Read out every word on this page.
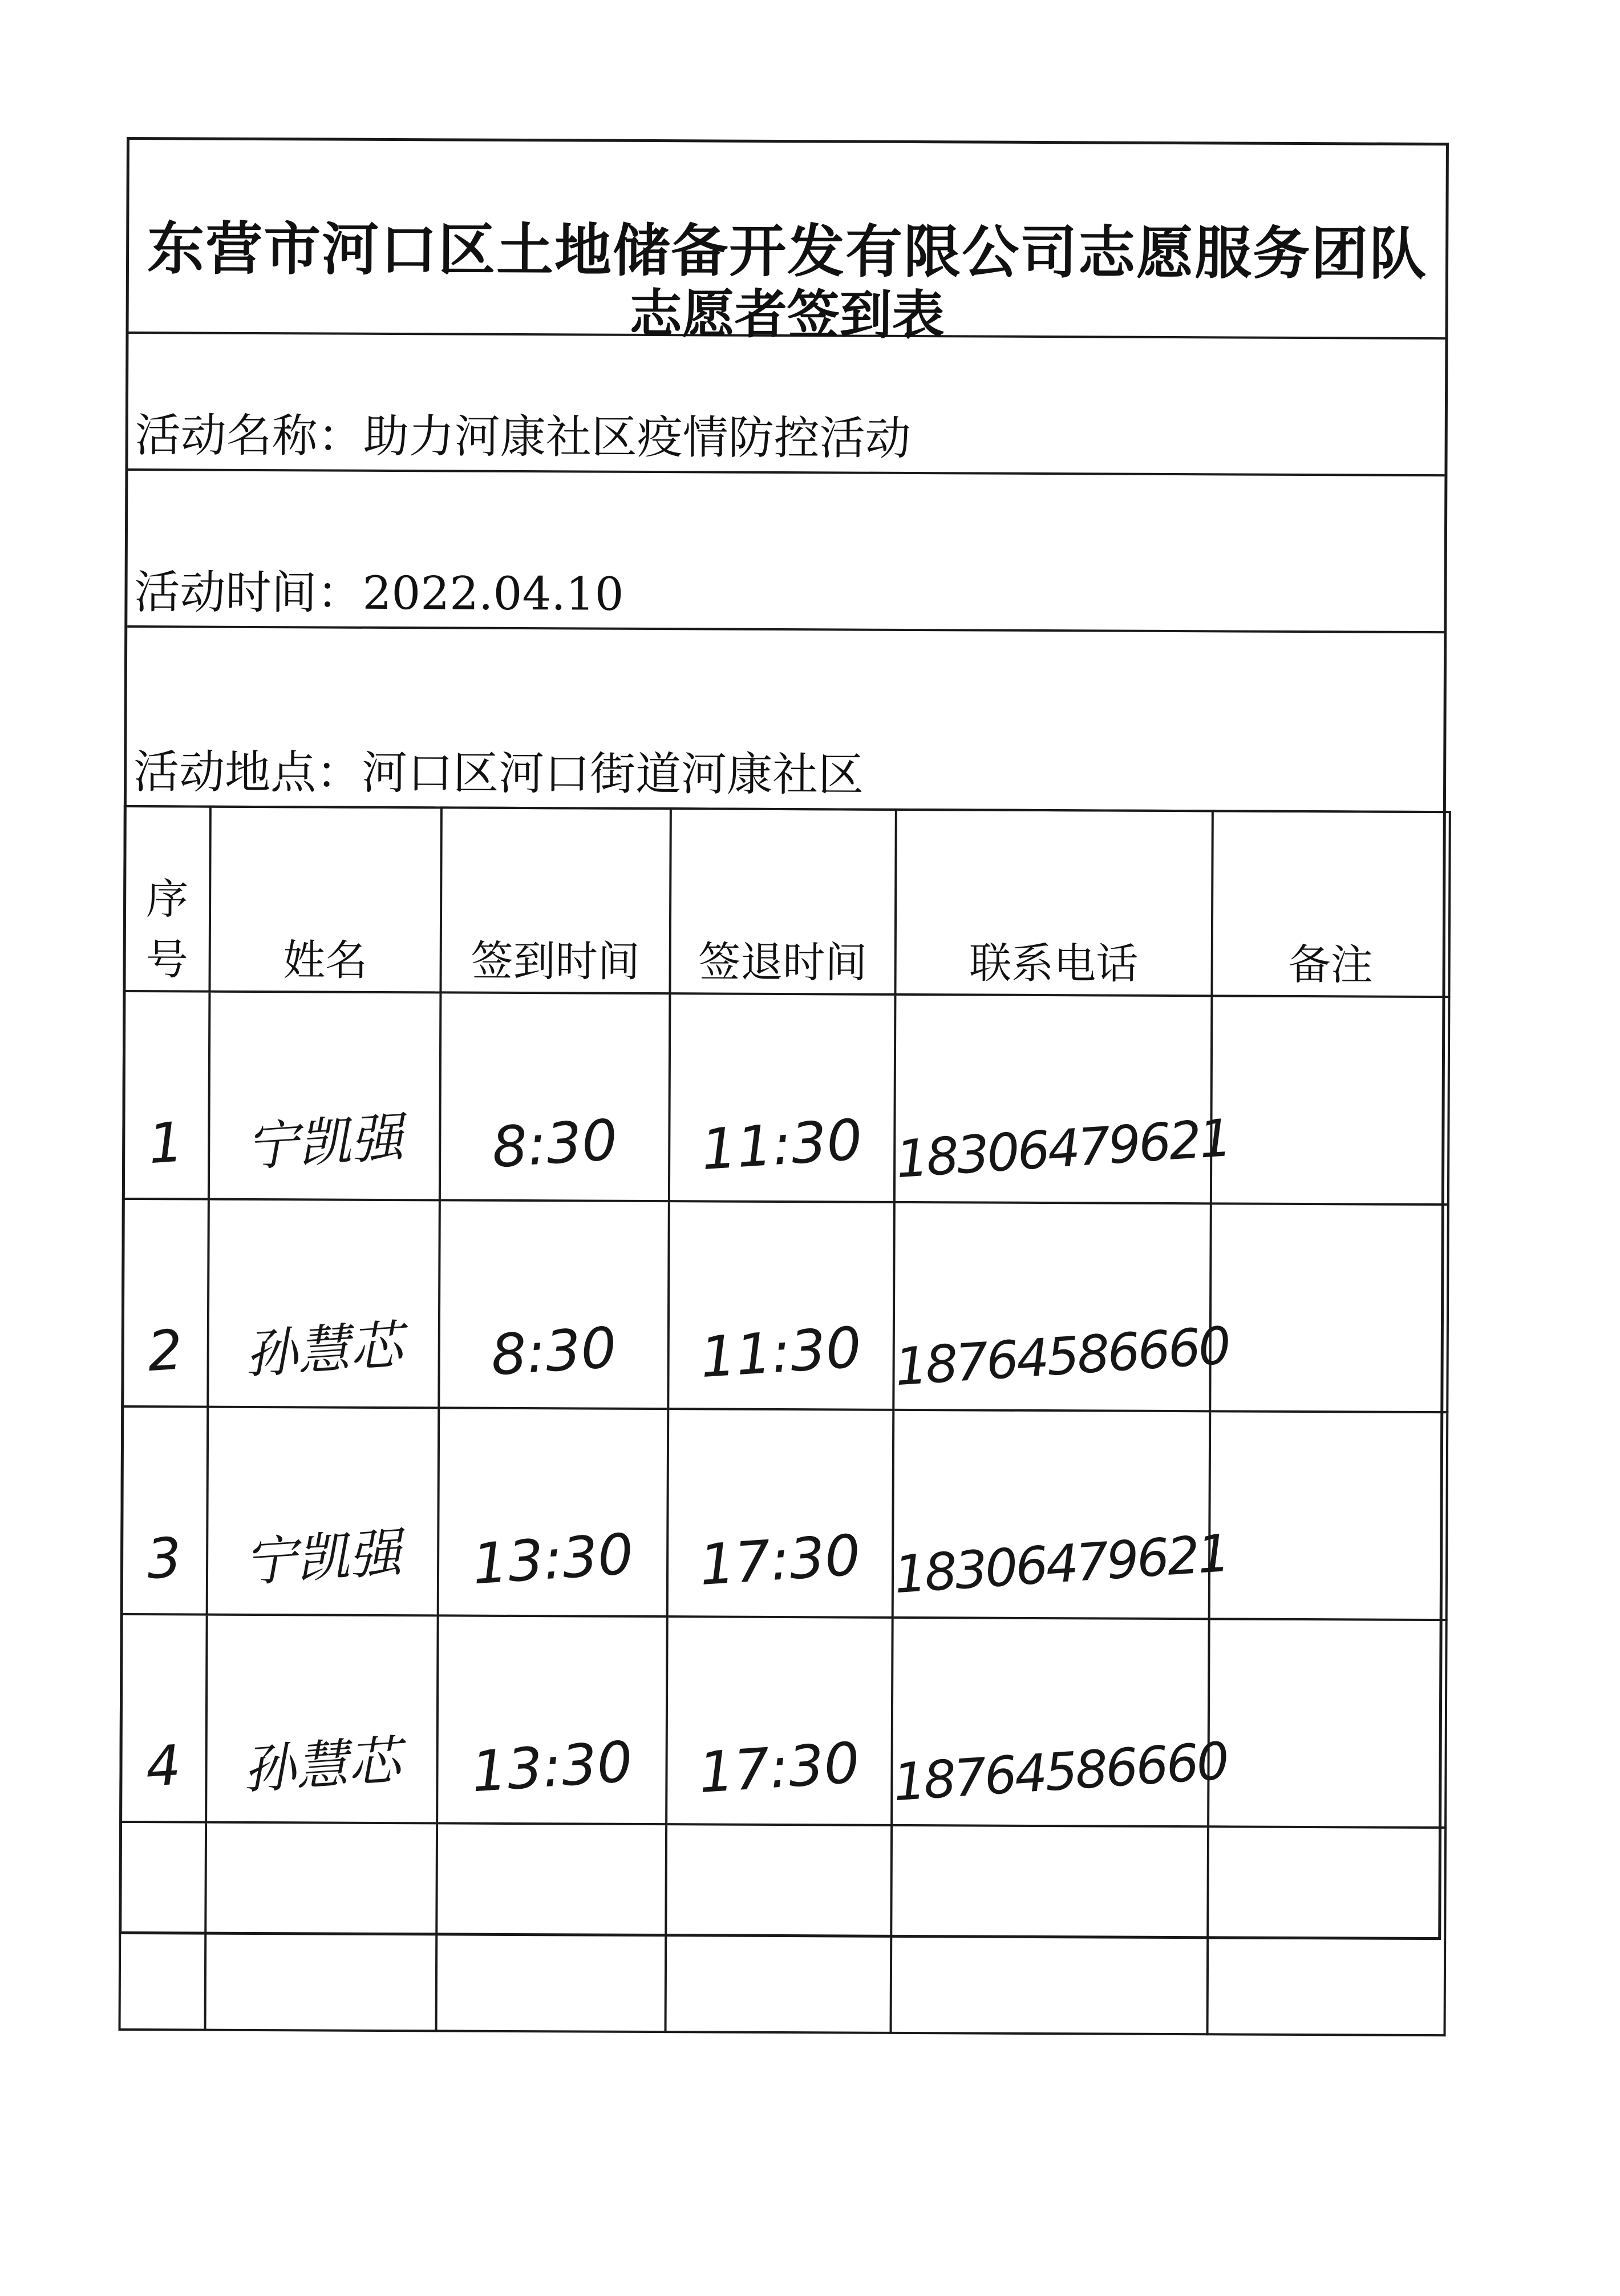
东营市河口区土地储备开发有限公司志愿服务团队
志愿者签到表
活动名称：助力河康社区疫情防控活动
活动时间：2022.04.10
活动地点：河口区河口街道河康社区
序号	姓名	签到时间	签退时间	联系电话	备注
1	宁凯强	8:30	11:30	18306479621	
2	孙慧芯	8:30	11:30	18764586660	
3	宁凯强	13:30	17:30	18306479621	
4	孙慧芯	13:30	17:30	18764586660	
